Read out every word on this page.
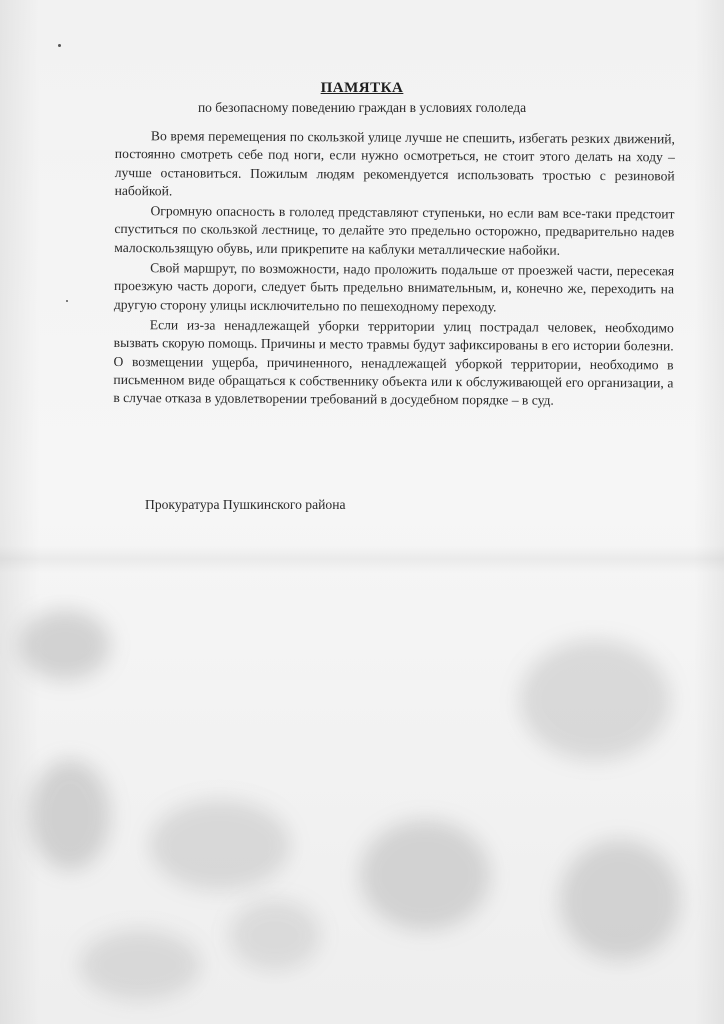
ПАМЯТКА
по безопасному поведению граждан в условиях гололеда

Во время перемещения по скользкой улице лучше не спешить, избегать резких движений, постоянно смотреть себе под ноги, если нужно осмотреться, не стоит этого делать на ходу – лучше остановиться. Пожилым людям рекомендуется использовать тростью с резиновой набойкой.

Огромную опасность в гололед представляют ступеньки, но если вам все-таки предстоит спуститься по скользкой лестнице, то делайте это предельно осторожно, предварительно надев малоскользящую обувь, или прикрепите на каблуки металлические набойки.

Свой маршрут, по возможности, надо проложить подальше от проезжей части, пересекая проезжую часть дороги, следует быть предельно внимательным, и, конечно же, переходить на другую сторону улицы исключительно по пешеходному переходу.

Если из-за ненадлежащей уборки территории улиц пострадал человек, необходимо вызвать скорую помощь. Причины и место травмы будут зафиксированы в его истории болезни. О возмещении ущерба, причиненного, ненадлежащей уборкой территории, необходимо в письменном виде обращаться к собственнику объекта или к обслуживающей его организации, а в случае отказа в удовлетворении требований в досудебном порядке – в суд.

Прокуратура Пушкинского района
